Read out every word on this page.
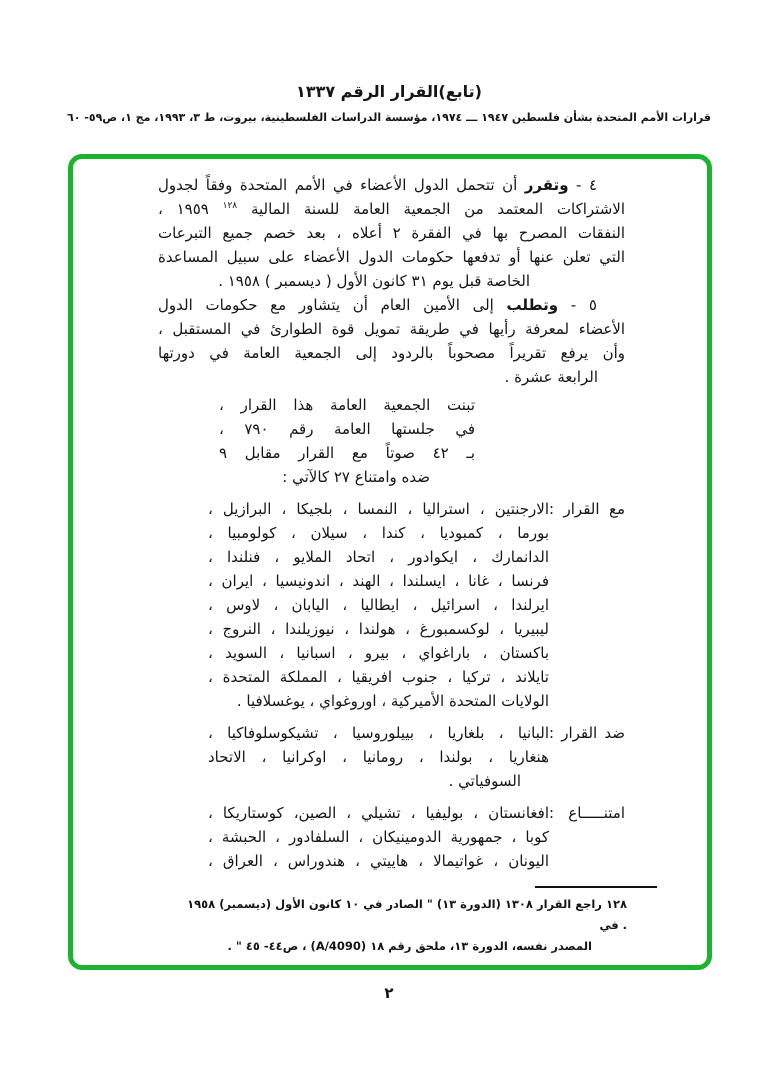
(تابع)القرار الرقم ١٣٣٧
قرارات الأمم المتحدة بشأن فلسطين ١٩٤٧ ـــ ١٩٧٤، مؤسسة الدراسات الفلسطينية، بيروت، ط ٣، ١٩٩٣، مج ١، ص٥٩- ٦٠
٤ - وتقرر أن تتحمل الدول الأعضاء في الأمم المتحدة وفقاً لجدول
الاشتراكات المعتمد من الجمعية العامة للسنة المالية $^{١٢٨}$ ١٩٥٩ ،
النفقات المصرح بها في الفقرة ٢ أعلاه ، بعد خصم جميع التبرعات
التي تعلن عنها أو تدفعها حكومات الدول الأعضاء على سبيل المساعدة
الخاصة قبل يوم ٣١ كانون الأول ( ديسمبر ) ١٩٥٨ .
٥ - وتطلب إلى الأمين العام أن يتشاور مع حكومات الدول
الأعضاء لمعرفة رأيها في طريقة تمويل قوة الطوارئ في المستقبل ،
وأن يرفع تقريراً مصحوباً بالردود إلى الجمعية العامة في دورتها
الرابعة عشرة .
تبنت الجمعية العامة هذا القرار ،
في جلستها العامة رقم ٧٩٠ ،
بـ ٤٢ صوتاً مع القرار مقابل ٩
ضده وامتناع ٢٧ كالآتي :
مع القرار :
الارجنتين ، استراليا ، النمسا ، بلجيكا ، البرازيل ،
بورما ، كمبوديا ، كندا ، سيلان ، كولومبيا ،
الدانمارك ، ايكوادور ، اتحاد الملايو ، فنلندا ،
فرنسا ، غانا ، ايسلندا ، الهند ، اندونيسيا ، ايران ،
ايرلندا ، اسرائيل ، ايطاليا ، اليابان ، لاوس ،
ليبيريا ، لوكسمبورغ ، هولندا ، نيوزيلندا ، النروج ،
باكستان ، باراغواي ، بيرو ، اسبانيا ، السويد ،
تايلاند ، تركيا ، جنوب افريقيا ، المملكة المتحدة ،
الولايات المتحدة الأميركية ، اوروغواي ، يوغسلافيا .
ضد القرار :
البانيا ، بلغاريا ، بييلوروسيا ، تشيكوسلوفاكيا ،
هنغاريا ، بولندا ، رومانيا ، اوكرانيا ، الاتحاد
السوفياتي .
امتنـــــاع :
افغانستان ، بوليفيا ، تشيلي ، الصين، كوستاريكا ،
كوبا ، جمهورية الدومينيكان ، السلفادور ، الحبشة ،
اليونان ، غواتيمالا ، هاييتي ، هندوراس ، العراق ،
١٢٨ راجع القرار ١٣٠٨ (الدورة ١٣) " الصادر في ١٠ كانون الأول (ديسمبر) ١٩٥٨ . في
المصدر نفسه، الدورة ١٣، ملحق رقم ١٨ (A/4090) ، ص٤٤- ٤٥ " .
٢
